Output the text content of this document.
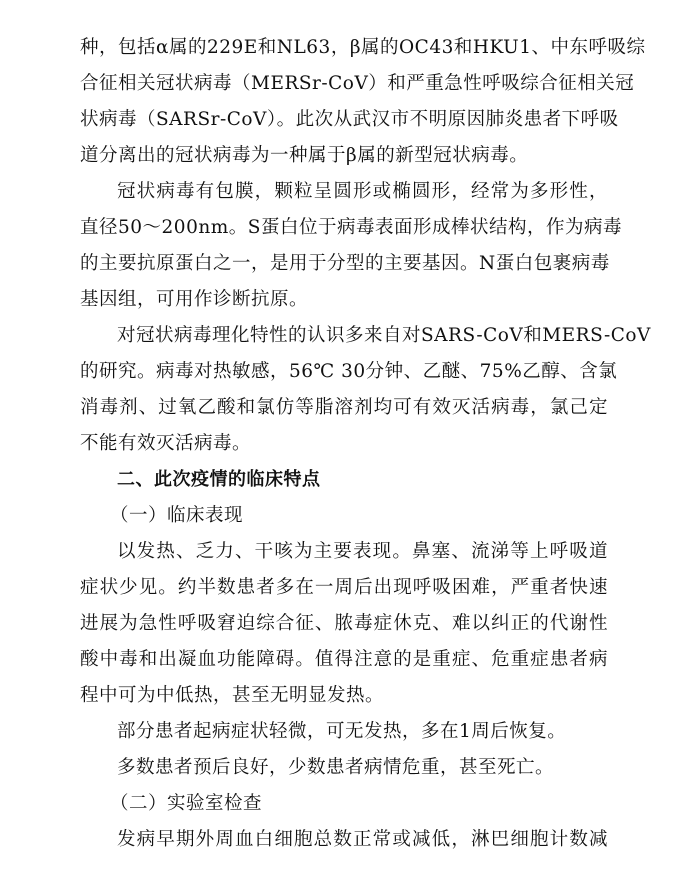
种，包括α属的229E和NL63，β属的OC43和HKU1、中东呼吸综
合征相关冠状病毒（MERSr-CoV）和严重急性呼吸综合征相关冠
状病毒（SARSr-CoV）。此次从武汉市不明原因肺炎患者下呼吸
道分离出的冠状病毒为一种属于β属的新型冠状病毒。
冠状病毒有包膜，颗粒呈圆形或椭圆形，经常为多形性，
直径50～200nm。S蛋白位于病毒表面形成棒状结构，作为病毒
的主要抗原蛋白之一，是用于分型的主要基因。N蛋白包裹病毒
基因组，可用作诊断抗原。
对冠状病毒理化特性的认识多来自对SARS-CoV和MERS-CoV
的研究。病毒对热敏感，56℃ 30分钟、乙醚、75%乙醇、含氯
消毒剂、过氧乙酸和氯仿等脂溶剂均可有效灭活病毒，氯己定
不能有效灭活病毒。
二、此次疫情的临床特点
（一）临床表现
以发热、乏力、干咳为主要表现。鼻塞、流涕等上呼吸道
症状少见。约半数患者多在一周后出现呼吸困难，严重者快速
进展为急性呼吸窘迫综合征、脓毒症休克、难以纠正的代谢性
酸中毒和出凝血功能障碍。值得注意的是重症、危重症患者病
程中可为中低热，甚至无明显发热。
部分患者起病症状轻微，可无发热，多在1周后恢复。
多数患者预后良好，少数患者病情危重，甚至死亡。
（二）实验室检查
发病早期外周血白细胞总数正常或减低，淋巴细胞计数减
